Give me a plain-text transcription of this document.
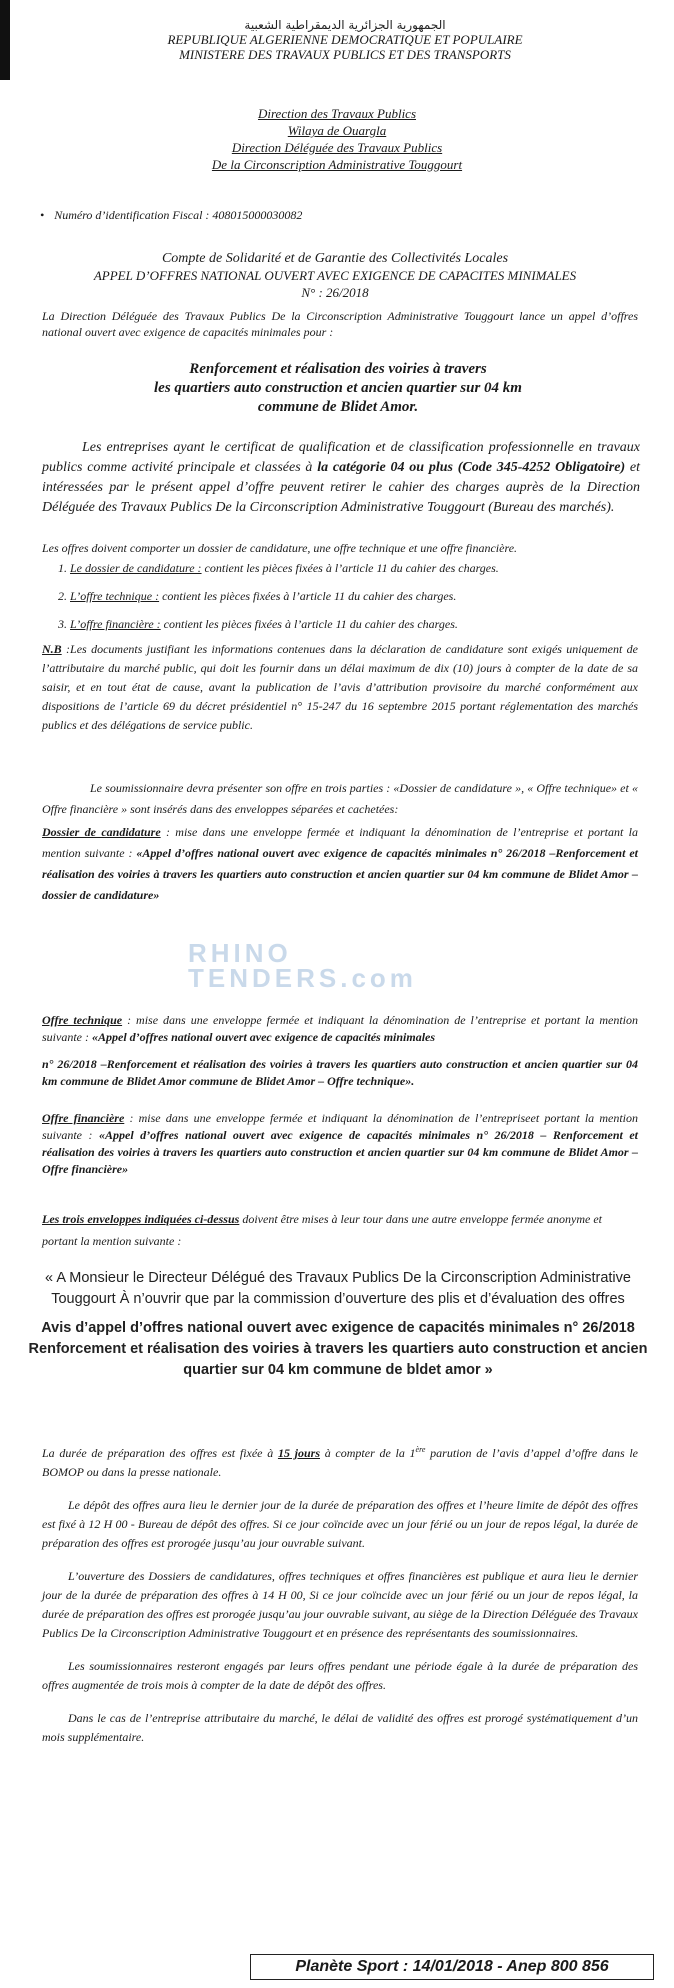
الجمهورية الجزائرية الديمقراطية الشعبية
REPUBLIQUE ALGERIENNE DEMOCRATIQUE ET POPULAIRE
MINISTERE DES TRAVAUX PUBLICS ET DES TRANSPORTS
Direction des Travaux Publics
Wilaya de Ouargla
Direction Déléguée des Travaux Publics
De la Circonscription Administrative Touggourt
• Numéro d’identification Fiscal : 408015000030082
Compte de Solidarité et de Garantie des Collectivités Locales
APPEL D’OFFRES NATIONAL OUVERT AVEC EXIGENCE DE CAPACITES MINIMALES
N° : 26/2018
La Direction Déléguée des Travaux Publics De la Circonscription Administrative Touggourt lance un appel d’offres national ouvert avec exigence de capacités minimales pour :
Renforcement et réalisation des voiries à travers
les quartiers auto construction et ancien quartier sur 04 km
commune de Blidet Amor.
Les entreprises ayant le certificat de qualification et de classification professionnelle en travaux publics comme activité principale et classées à la catégorie 04 ou plus (Code 345-4252 Obligatoire) et intéressées par le présent appel d’offre peuvent retirer le cahier des charges auprès de la Direction Déléguée des Travaux Publics De la Circonscription Administrative Touggourt (Bureau des marchés).
Les offres doivent comporter un dossier de candidature, une offre technique et une offre financière.
1. Le dossier de candidature : contient les pièces fixées à l’article 11 du cahier des charges.
2. L’offre technique : contient les pièces fixées à l’article 11 du cahier des charges.
3. L’offre financière : contient les pièces fixées à l’article 11 du cahier des charges.
N.B :Les documents justifiant les informations contenues dans la déclaration de candidature sont exigés uniquement de l’attributaire du marché public, qui doit les fournir dans un délai maximum de dix (10) jours à compter de la date de sa saisir, et en tout état de cause, avant la publication de l’avis d’attribution provisoire du marché conformément aux dispositions de l’article 69 du décret présidentiel n° 15-247 du 16 septembre 2015 portant réglementation des marchés publics et des délégations de service public.
Le soumissionnaire devra présenter son offre en trois parties : «Dossier de candidature », « Offre technique» et « Offre financière » sont insérés dans des enveloppes séparées et cachetées:
Dossier de candidature : mise dans une enveloppe fermée et indiquant la dénomination de l’entreprise et portant la mention suivante : «Appel d’offres national ouvert avec exigence de capacités minimales n° 26/2018 –Renforcement et réalisation des voiries à travers les quartiers auto construction et ancien quartier sur 04 km commune de Blidet Amor – dossier de candidature»
RHINO
TENDERS.com
Offre technique : mise dans une enveloppe fermée et indiquant la dénomination de l’entreprise et portant la mention suivante : «Appel d’offres national ouvert avec exigence de capacités minimales
n° 26/2018 –Renforcement et réalisation des voiries à travers les quartiers auto construction et ancien quartier sur 04 km commune de Blidet Amor commune de Blidet Amor – Offre technique».
Offre financière : mise dans une enveloppe fermée et indiquant la dénomination de l’entrepriseet portant la mention suivante : «Appel d’offres national ouvert avec exigence de capacités minimales n° 26/2018 – Renforcement et réalisation des voiries à travers les quartiers auto construction et ancien quartier sur 04 km commune de Blidet Amor – Offre financière»
Les trois enveloppes indiquées ci-dessus doivent être mises à leur tour dans une autre enveloppe fermée anonyme et portant la mention suivante :
« A Monsieur le Directeur Délégué des Travaux Publics De la Circonscription Administrative Touggourt À n’ouvrir que par la commission d’ouverture des plis et d’évaluation des offres
Avis d’appel d’offres national ouvert avec exigence de capacités minimales n° 26/2018 Renforcement et réalisation des voiries à travers les quartiers auto construction et ancien quartier sur 04 km commune de bldet amor »

La durée de préparation des offres est fixée à 15 jours à compter de la 1ère parution de l’avis d’appel d’offre dans le BOMOP ou dans la presse nationale.

Le dépôt des offres aura lieu le dernier jour de la durée de préparation des offres et l’heure limite de dépôt des offres est fixé à 12 H 00 - Bureau de dépôt des offres. Si ce jour coïncide avec un jour férié ou un jour de repos légal, la durée de préparation des offres est prorogée jusqu’au jour ouvrable suivant.

L’ouverture des Dossiers de candidatures, offres techniques et offres financières est publique et aura lieu le dernier jour de la durée de préparation des offres à 14 H 00, Si ce jour coïncide avec un jour férié ou un jour de repos légal, la durée de préparation des offres est prorogée jusqu’au jour ouvrable suivant, au siège de la Direction Déléguée des Travaux Publics De la Circonscription Administrative Touggourt et en présence des représentants des soumissionnaires.

Les soumissionnaires resteront engagés par leurs offres pendant une période égale à la durée de préparation des offres augmentée de trois mois à compter de la date de dépôt des offres.

Dans le cas de l’entreprise attributaire du marché, le délai de validité des offres est prorogé systématiquement d’un mois supplémentaire.

Planète Sport : 14/01/2018 - Anep 800 856
